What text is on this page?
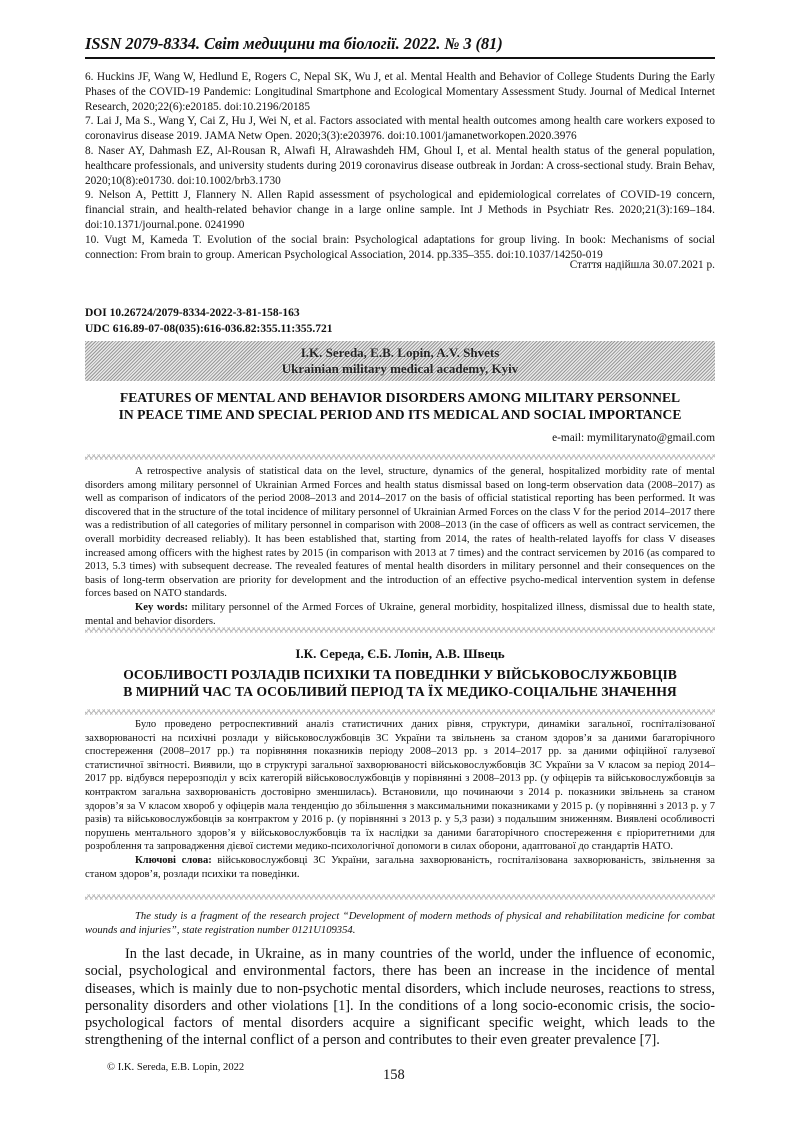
ISSN 2079-8334. Світ медицини та біології. 2022. № 3 (81)

6. Huckins JF, Wang W, Hedlund E, Rogers C, Nepal SK, Wu J, et al. Mental Health and Behavior of College Students During the Early Phases of the COVID-19 Pandemic: Longitudinal Smartphone and Ecological Momentary Assessment Study. Journal of Medical Internet Research, 2020;22(6):e20185. doi:10.2196/20185

7. Lai J, Ma S., Wang Y, Cai Z, Hu J, Wei N, et al. Factors associated with mental health outcomes among health care workers exposed to coronavirus disease 2019. JAMA Netw Open. 2020;3(3):e203976. doi:10.1001/jamanetworkopen.2020.3976

8. Naser AY, Dahmash EZ, Al-Rousan R, Alwafi H, Alrawashdeh HM, Ghoul I, et al. Mental health status of the general population, healthcare professionals, and university students during 2019 coronavirus disease outbreak in Jordan: A cross-sectional study. Brain Behav, 2020;10(8):e01730. doi:10.1002/brb3.1730

9. Nelson A, Pettitt J, Flannery N. Allen Rapid assessment of psychological and epidemiological correlates of COVID-19 concern, financial strain, and health-related behavior change in a large online sample. Int J Methods in Psychiatr Res. 2020;21(3):169–184. doi:10.1371/journal.pone. 0241990

10. Vugt M, Kameda T. Evolution of the social brain: Psychological adaptations for group living. In book: Mechanisms of social connection: From brain to group. American Psychological Association, 2014. pp.335–355. doi:10.1037/14250-019

Стаття надійшла 30.07.2021 р.
DOI 10.26724/2079-8334-2022-3-81-158-163
UDC 616.89-07-08(035):616-036.82:355.11:355.721
I.K. Sereda, E.B. Lopin, A.V. Shvets
Ukrainian military medical academy, Kyiv
FEATURES OF MENTAL AND BEHAVIOR DISORDERS AMONG MILITARY PERSONNEL
IN PEACE TIME AND SPECIAL PERIOD AND ITS MEDICAL AND SOCIAL IMPORTANCE
e-mail: mymilitarynato@gmail.com

A retrospective analysis of statistical data on the level, structure, dynamics of the general, hospitalized morbidity rate of mental disorders among military personnel of Ukrainian Armed Forces and health status dismissal based on long-term observation data (2008–2017) as well as comparison of indicators of the period 2008–2013 and 2014–2017 on the basis of official statistical reporting has been performed. It was discovered that in the structure of the total incidence of military personnel of Ukrainian Armed Forces on the class V for the period 2014–2017 there was a redistribution of all categories of military personnel in comparison with 2008–2013 (in the case of officers as well as contract servicemen, the overall morbidity decreased reliably). It has been established that, starting from 2014, the rates of health-related layoffs for class V diseases increased among officers with the highest rates by 2015 (in comparison with 2013 at 7 times) and the contract servicemen by 2016 (as compared to 2013, 5.3 times) with subsequent decrease. The revealed features of mental health disorders in military personnel and their consequences on the basis of long-term observation are priority for development and the introduction of an effective psycho-medical intervention system in defense forces based on NATO standards.

Key words: military personnel of the Armed Forces of Ukraine, general morbidity, hospitalized illness, dismissal due to health state, mental and behavior disorders.

І.К. Середа, Є.Б. Лопін, А.В. Швець
ОСОБЛИВОСТІ РОЗЛАДІВ ПСИХІКИ ТА ПОВЕДІНКИ У ВІЙСЬКОВОСЛУЖБОВЦІВ
В МИРНИЙ ЧАС ТА ОСОБЛИВИЙ ПЕРІОД ТА ЇХ МЕДИКО-СОЦІАЛЬНЕ ЗНАЧЕННЯ

Було проведено ретроспективний аналіз статистичних даних рівня, структури, динаміки загальної, госпіталізованої захворюваності на психічні розлади у військовослужбовців ЗС України та звільнень за станом здоров’я за даними багаторічного спостереження (2008–2017 рр.) та порівняння показників періоду 2008–2013 рр. з 2014–2017 рр. за даними офіційної галузевої статистичної звітності. Виявили, що в структурі загальної захворюваності військовослужбовців ЗС України за V класом за період 2014–2017 рр. відбувся перерозподіл у всіх категорій військовослужбовців у порівнянні з 2008–2013 рр. (у офіцерів та військовослужбовців за контрактом загальна захворюваність достовірно зменшилась). Встановили, що починаючи з 2014 р. показники звільнень за станом здоров’я за V класом хвороб у офіцерів мала тенденцію до збільшення з максимальними показниками у 2015 р. (у порівнянні з 2013 р. у 7 разів) та військовослужбовців за контрактом у 2016 р. (у порівнянні з 2013 р. у 5,3 рази) з подальшим зниженням. Виявлені особливості порушень ментального здоров’я у військовослужбовців та їх наслідки за даними багаторічного спостереження є пріоритетними для розроблення та запровадження дієвої системи медико-психологічної допомоги в силах оборони, адаптованої до стандартів НАТО.

Ключові слова: військовослужбовці ЗС України, загальна захворюваність, госпіталізована захворюваність, звільнення за станом здоров’я, розлади психіки та поведінки.

The study is a fragment of the research project “Development of modern methods of physical and rehabilitation medicine for combat wounds and injuries”, state registration number 0121U109354.

In the last decade, in Ukraine, as in many countries of the world, under the influence of economic, social, psychological and environmental factors, there has been an increase in the incidence of mental diseases, which is mainly due to non-psychotic mental disorders, which include neuroses, reactions to stress, personality disorders and other violations [1]. In the conditions of a long socio-economic crisis, the socio-psychological factors of mental disorders acquire a significant specific weight, which leads to the strengthening of the internal conflict of a person and contributes to their even greater prevalence [7].

© I.K. Sereda, E.B. Lopin, 2022	158
